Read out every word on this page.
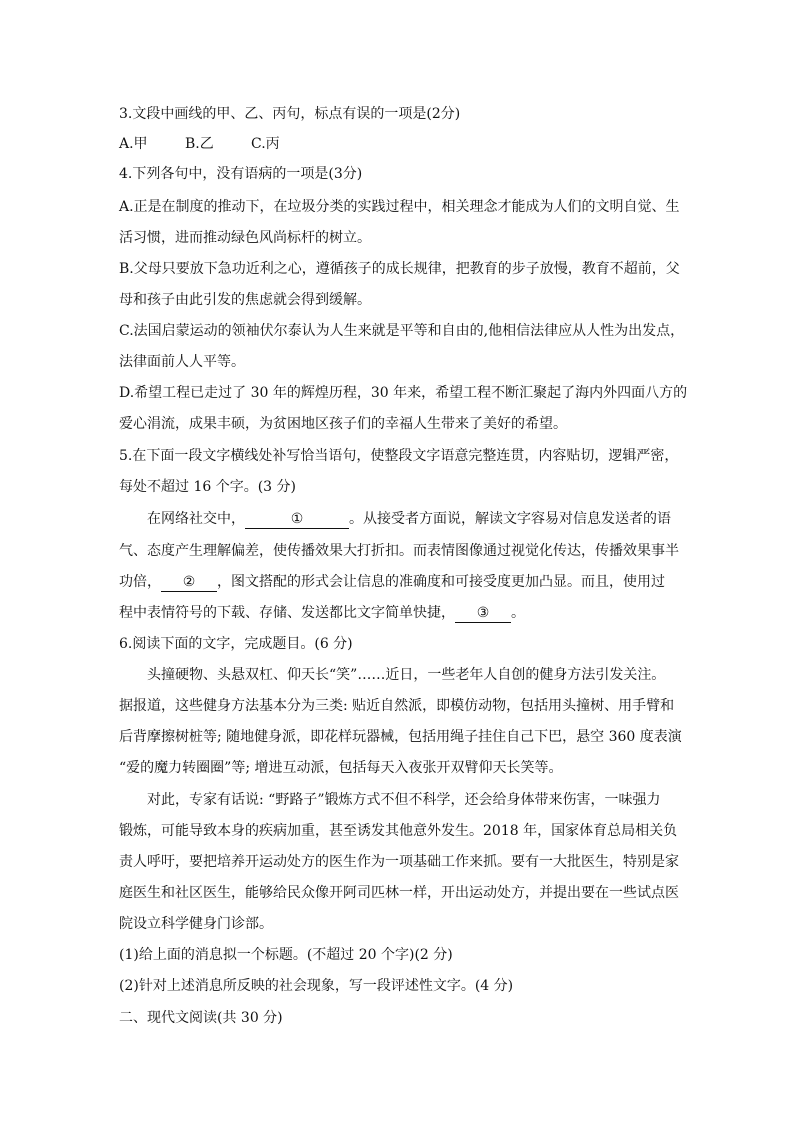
3.文段中画线的甲、乙、丙句，标点有误的一项是(2分)
A.甲	B.乙	C.丙
4.下列各句中，没有语病的一项是(3分)
A.正是在制度的推动下，在垃圾分类的实践过程中，相关理念才能成为人们的文明自觉、生
活习惯，进而推动绿色风尚标杆的树立。
B.父母只要放下急功近利之心，遵循孩子的成长规律，把教育的步子放慢，教育不超前，父
母和孩子由此引发的焦虑就会得到缓解。
C.法国启蒙运动的领袖伏尔泰认为人生来就是平等和自由的,他相信法律应从人性为出发点，
法律面前人人平等。
D.希望工程已走过了 30 年的辉煌历程，30 年来，希望工程不断汇聚起了海内外四面八方的
爱心涓流，成果丰硕，为贫困地区孩子们的幸福人生带来了美好的希望。
5.在下面一段文字横线处补写恰当语句，使整段文字语意完整连贯，内容贴切，逻辑严密，
每处不超过 16 个字。(3 分)
在网络社交中，	①	。从接受者方面说，解读文字容易对信息发送者的语
气、态度产生理解偏差，使传播效果大打折扣。而表情图像通过视觉化传达，传播效果事半
功倍， ② ，图文搭配的形式会让信息的准确度和可接受度更加凸显。而且，使用过
程中表情符号的下载、存储、发送都比文字简单快捷， ③ 。
6.阅读下面的文字，完成题目。(6 分)
头撞硬物、头悬双杠、仰天长“笑”……近日，一些老年人自创的健身方法引发关注。
据报道，这些健身方法基本分为三类: 贴近自然派，即模仿动物，包括用头撞树、用手臂和
后背摩擦树桩等; 随地健身派，即花样玩器械，包括用绳子挂住自己下巴，悬空 360 度表演
“爱的魔力转圈圈”等; 增进互动派，包括每天入夜张开双臂仰天长笑等。
对此，专家有话说: “野路子”锻炼方式不但不科学，还会给身体带来伤害，一味强力
锻炼，可能导致本身的疾病加重，甚至诱发其他意外发生。2018 年，国家体育总局相关负
责人呼吁，要把培养开运动处方的医生作为一项基础工作来抓。要有一大批医生，特别是家
庭医生和社区医生，能够给民众像开阿司匹林一样，开出运动处方，并提出要在一些试点医
院设立科学健身门诊部。
(1)给上面的消息拟一个标题。(不超过 20 个字)(2 分)
(2)针对上述消息所反映的社会现象，写一段评述性文字。(4 分)
二、现代文阅读(共 30 分)
